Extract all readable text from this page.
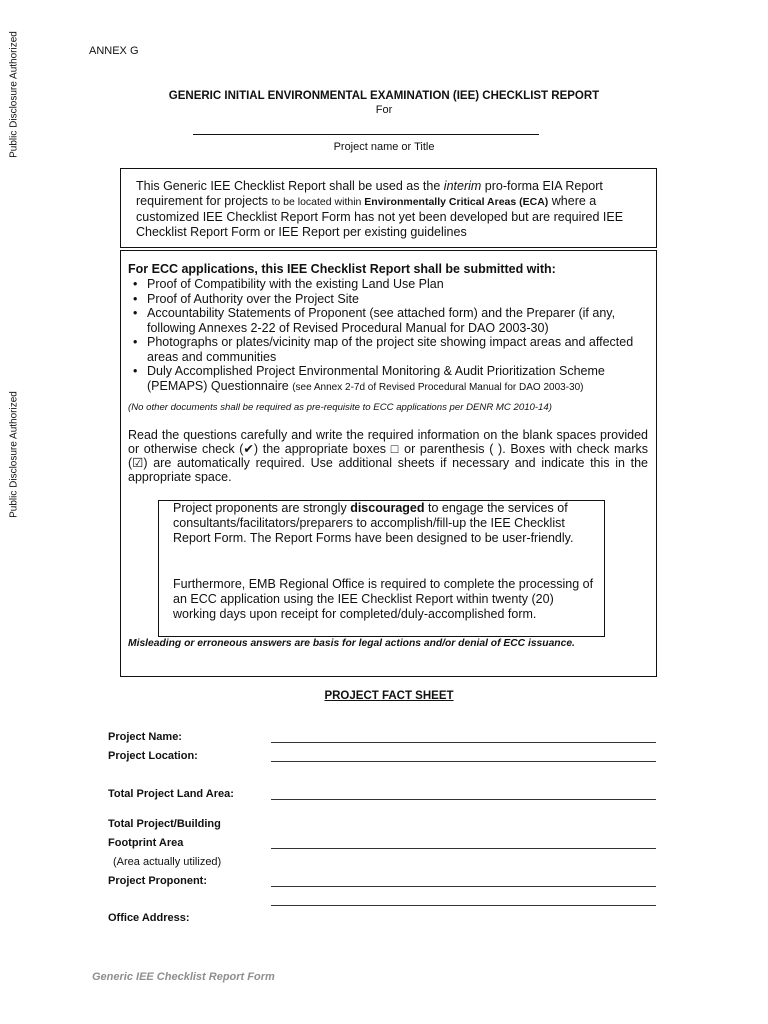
Public Disclosure Authorized
Public Disclosure Authorized
ANNEX G
GENERIC INITIAL ENVIRONMENTAL EXAMINATION (IEE) CHECKLIST REPORT
For
Project name or Title
This Generic IEE Checklist Report shall be used as the interim pro-forma EIA Report requirement for projects to be located within Environmentally Critical Areas (ECA) where a customized IEE Checklist Report Form has not yet been developed but are required IEE Checklist Report Form or IEE Report per existing guidelines
For ECC applications, this IEE Checklist Report shall be submitted with:
• Proof of Compatibility with the existing Land Use Plan
• Proof of Authority over the Project Site
• Accountability Statements of Proponent (see attached form) and the Preparer (if any, following Annexes 2-22 of Revised Procedural Manual for DAO 2003-30)
• Photographs or plates/vicinity map of the project site showing impact areas and affected areas and communities
• Duly Accomplished Project Environmental Monitoring & Audit Prioritization Scheme (PEMAPS) Questionnaire (see Annex 2-7d of Revised Procedural Manual for DAO 2003-30)
(No other documents shall be required as pre-requisite to ECC applications per DENR MC 2010-14)
Read the questions carefully and write the required information on the blank spaces provided or otherwise check (✔) the appropriate boxes □ or parenthesis ( ). Boxes with check marks (☑) are automatically required. Use additional sheets if necessary and indicate this in the appropriate space.
Project proponents are strongly discouraged to engage the services of consultants/facilitators/preparers to accomplish/fill-up the IEE Checklist Report Form. The Report Forms have been designed to be user-friendly.
Furthermore, EMB Regional Office is required to complete the processing of an ECC application using the IEE Checklist Report within twenty (20) working days upon receipt for completed/duly-accomplished form.
Misleading or erroneous answers are basis for legal actions and/or denial of ECC issuance.
PROJECT FACT SHEET
Project Name:
Project Location:
Total Project Land Area:
Total Project/Building
Footprint Area
(Area actually utilized)
Project Proponent:
Office Address:
Generic IEE Checklist Report Form
